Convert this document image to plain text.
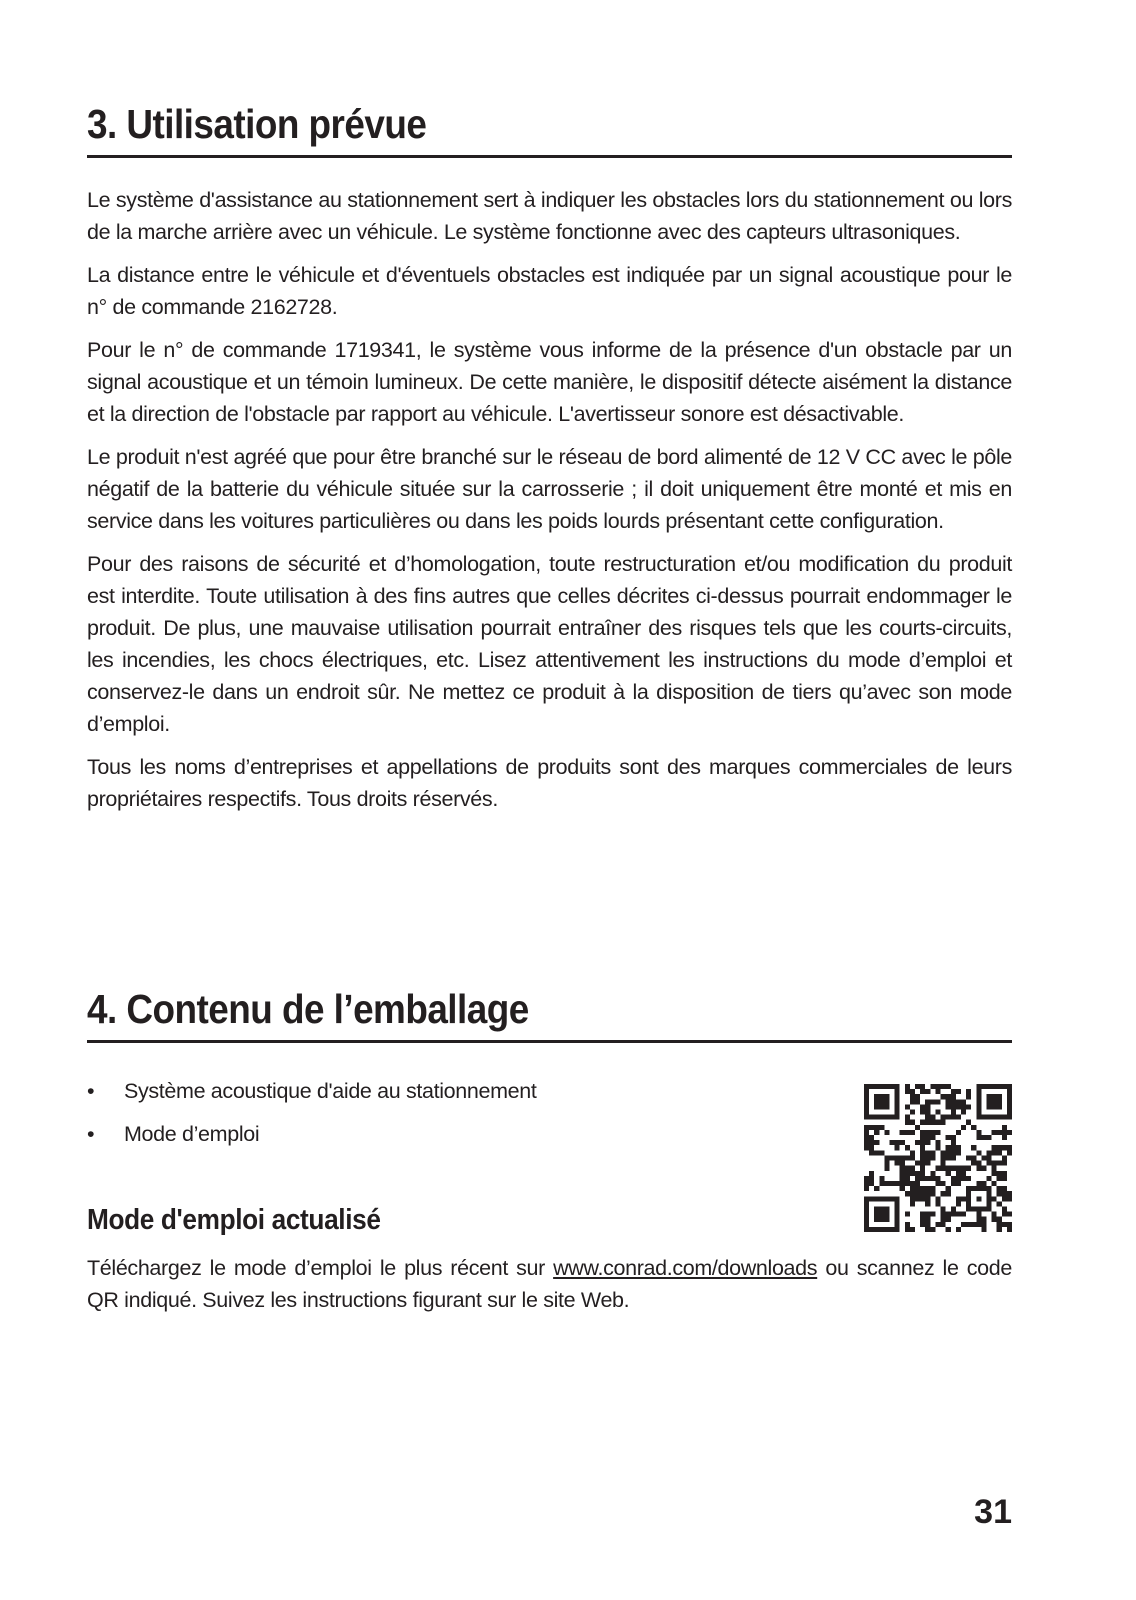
3. Utilisation prévue

Le système d'assistance au stationnement sert à indiquer les obstacles lors du stationnement ou lors de la marche arrière avec un véhicule. Le système fonctionne avec des capteurs ultrasoniques.

La distance entre le véhicule et d'éventuels obstacles est indiquée par un signal acoustique pour le n° de commande 2162728.

Pour le n° de commande 1719341, le système vous informe de la présence d'un obstacle par un signal acoustique et un témoin lumineux. De cette manière, le dispositif détecte aisément la distance et la direction de l'obstacle par rapport au véhicule. L'avertisseur sonore est désactivable.

Le produit n'est agréé que pour être branché sur le réseau de bord alimenté de 12 V CC avec le pôle négatif de la batterie du véhicule située sur la carrosserie ; il doit uniquement être monté et mis en service dans les voitures particulières ou dans les poids lourds présentant cette configuration.

Pour des raisons de sécurité et d’homologation, toute restructuration et/ou modification du produit est interdite. Toute utilisation à des fins autres que celles décrites ci-dessus pourrait endommager le produit. De plus, une mauvaise utilisation pourrait entraîner des risques tels que les courts-circuits, les incendies, les chocs électriques, etc. Lisez attentivement les instructions du mode d’emploi et conservez-le dans un endroit sûr. Ne mettez ce produit à la disposition de tiers qu’avec son mode d’emploi.

Tous les noms d’entreprises et appellations de produits sont des marques commerciales de leurs propriétaires respectifs. Tous droits réservés.

4. Contenu de l’emballage
• Système acoustique d'aide au stationnement
• Mode d’emploi
Mode d'emploi actualisé

Téléchargez le mode d’emploi le plus récent sur www.conrad.com/downloads ou scannez le code QR indiqué. Suivez les instructions figurant sur le site Web.

31
